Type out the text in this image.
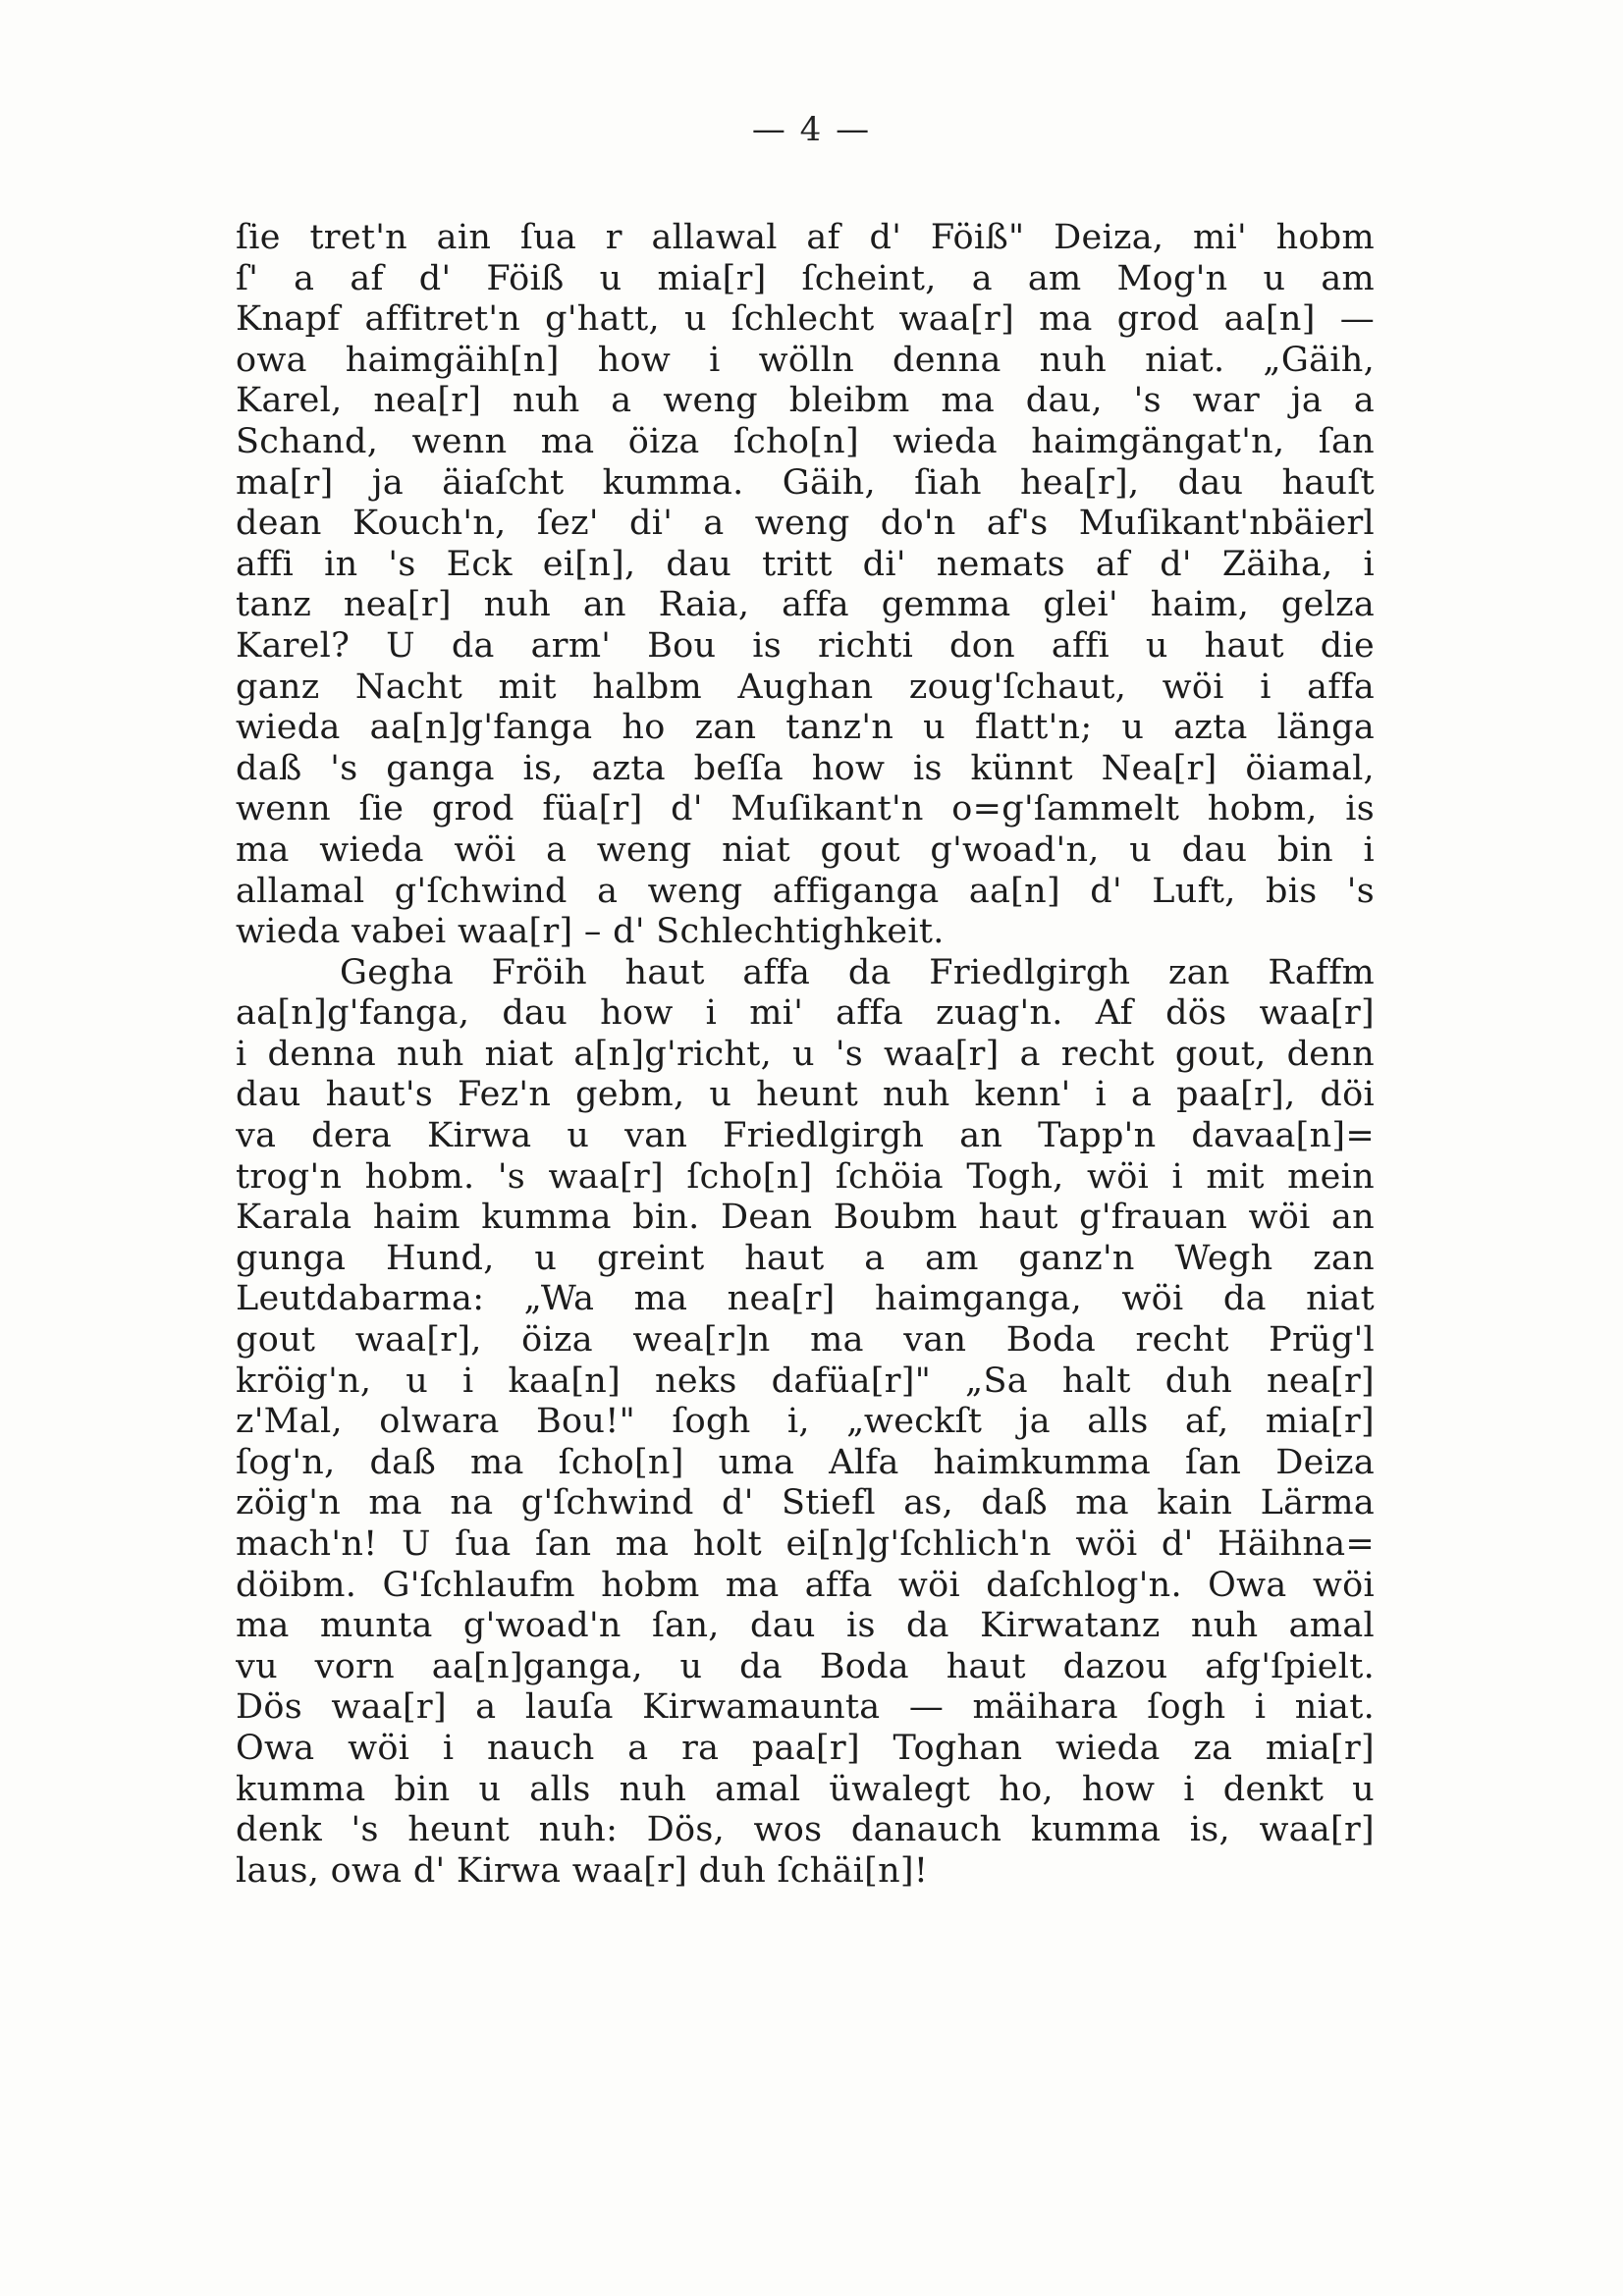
— 4 —
ſie tret'n ain ſua r allawal af d' Föiß" Deiza, mi' hobm
ſ' a af d' Föiß u mia[r] ſcheint, a am Mog'n u am
Knapf affitret'n g'hatt, u ſchlecht waa[r] ma grod aa[n] —
owa haimgäih[n] how i wölln denna nuh niat. „Gäih,
Karel, nea[r] nuh a weng bleibm ma dau, 's war ja a
Schand, wenn ma öiza ſcho[n] wieda haimgängat'n, ſan
ma[r] ja äiaſcht kumma. Gäih, ſiah hea[r], dau hauſt
dean Kouch'n, ſez' di' a weng do'n af's Muſikant'nbäierl
affi in 's Eck ei[n], dau tritt di' nemats af d' Zäiha, i
tanz nea[r] nuh an Raia, affa gemma glei' haim, gelza
Karel? U da arm' Bou is richti don affi u haut die
ganz Nacht mit halbm Aughan zoug'ſchaut, wöi i affa
wieda aa[n]g'fanga ho zan tanz'n u flatt'n; u azta länga
daß 's ganga is, azta beſſa how is künnt Nea[r] öiamal,
wenn ſie grod füa[r] d' Muſikant'n o=g'ſammelt hobm, is
ma wieda wöi a weng niat gout g'woad'n, u dau bin i
allamal g'ſchwind a weng affiganga aa[n] d' Luft, bis 's
wieda vabei waa[r] – d' Schlechtighkeit.
Gegha Fröih haut affa da Friedlgirgh zan Raffm
aa[n]g'fanga, dau how i mi' affa zuag'n. Af dös waa[r]
i denna nuh niat a[n]g'richt, u 's waa[r] a recht gout, denn
dau haut's Fez'n gebm, u heunt nuh kenn' i a paa[r], döi
va dera Kirwa u van Friedlgirgh an Tapp'n davaa[n]=
trog'n hobm. 's waa[r] ſcho[n] ſchöia Togh, wöi i mit mein
Karala haim kumma bin. Dean Boubm haut g'frauan wöi an
gunga Hund, u greint haut a am ganz'n Wegh zan
Leutdabarma: „Wa ma nea[r] haimganga, wöi da niat
gout waa[r], öiza wea[r]n ma van Boda recht Prüg'l
kröig'n, u i kaa[n] neks dafüa[r]" „Sa halt duh nea[r]
z'Mal, olwara Bou!" ſogh i, „weckſt ja alls af, mia[r]
ſog'n, daß ma ſcho[n] uma Alfa haimkumma ſan Deiza
zöig'n ma na g'ſchwind d' Stiefl as, daß ma kain Lärma
mach'n! U ſua ſan ma holt ei[n]g'ſchlich'n wöi d' Häihna=
döibm. G'ſchlaufm hobm ma affa wöi daſchlog'n. Owa wöi
ma munta g'woad'n ſan, dau is da Kirwatanz nuh amal
vu vorn aa[n]ganga, u da Boda haut dazou afg'ſpielt.
Dös waa[r] a lauſa Kirwamaunta — mäihara ſogh i niat.
Owa wöi i nauch a ra paa[r] Toghan wieda za mia[r]
kumma bin u alls nuh amal üwalegt ho, how i denkt u
denk 's heunt nuh: Dös, wos danauch kumma is, waa[r]
laus, owa d' Kirwa waa[r] duh ſchäi[n]!
